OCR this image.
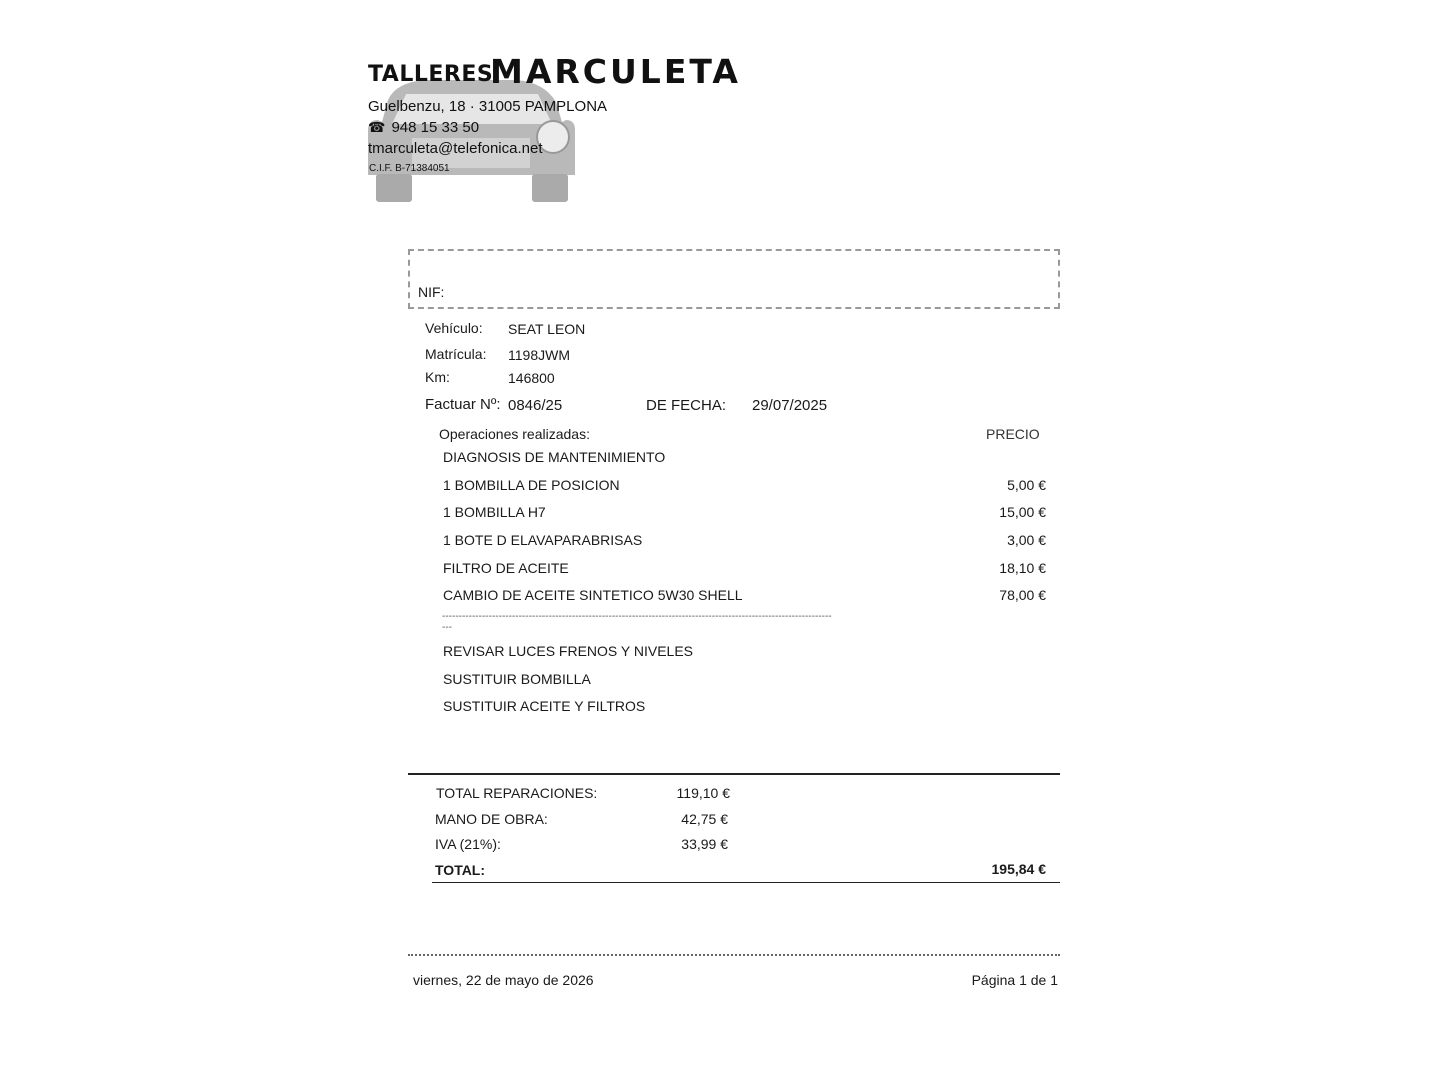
TALLERES
MARCULETA
Guelbenzu, 18 · 31005 PAMPLONA
☎ 948 15 33 50
tmarculeta@telefonica.net
C.I.F. B-71384051
NIF:
Vehículo: SEAT LEON
Matrícula: 1198JWM
Km:	146800
Factuar Nº: 0846/25	DE FECHA: 29/07/2025
Operaciones realizadas:	PRECIO
DIAGNOSIS DE MANTENIMIENTO
1 BOMBILLA DE POSICION	5,00 €
1 BOMBILLA H7	15,00 €
1 BOTE D ELAVAPARABRISAS	3,00 €
FILTRO DE ACEITE	18,10 €
CAMBIO DE ACEITE SINTETICO 5W30 SHELL	78,00 €
------------------------------------------------------------------------------------------------------------------------
REVISAR LUCES FRENOS Y NIVELES
SUSTITUIR BOMBILLA
SUSTITUIR ACEITE Y FILTROS
TOTAL REPARACIONES:	119,10 €
MANO DE OBRA:	42,75 €
IVA (21%):	33,99 €
TOTAL:	195,84 €
viernes, 22 de mayo de 2026	Página 1 de 1
